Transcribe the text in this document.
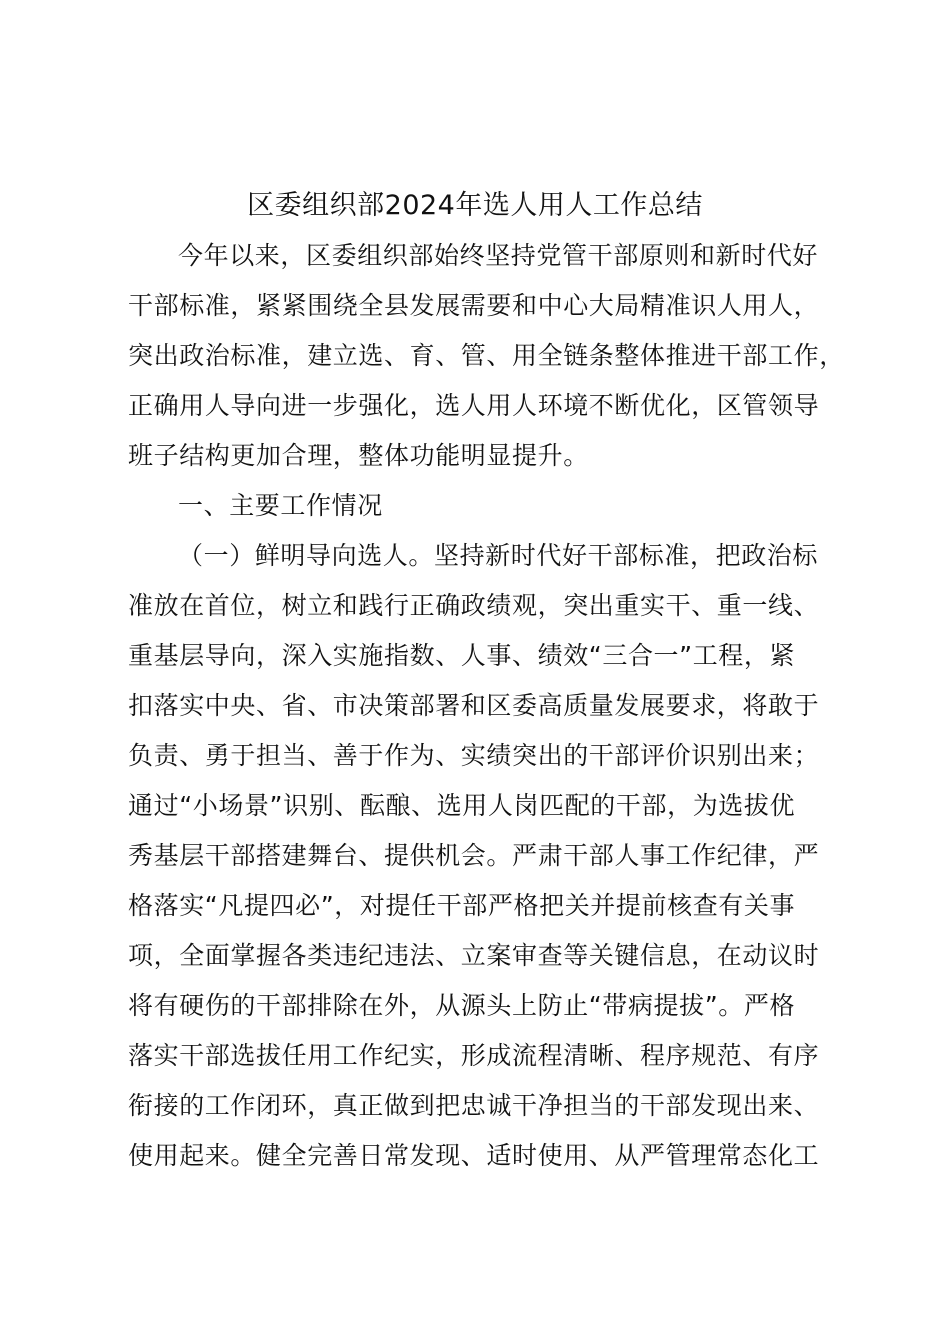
区委组织部2024年选人用人工作总结

今年以来，区委组织部始终坚持党管干部原则和新时代好

干部标准，紧紧围绕全县发展需要和中心大局精准识人用人，

突出政治标准，建立选、育、管、用全链条整体推进干部工作，

正确用人导向进一步强化，选人用人环境不断优化，区管领导

班子结构更加合理，整体功能明显提升。

一、主要工作情况

（一）鲜明导向选人。坚持新时代好干部标准，把政治标

准放在首位，树立和践行正确政绩观，突出重实干、重一线、

重基层导向，深入实施指数、人事、绩效“三合一”工程，紧

扣落实中央、省、市决策部署和区委高质量发展要求，将敢于

负责、勇于担当、善于作为、实绩突出的干部评价识别出来；

通过“小场景”识别、酝酿、选用人岗匹配的干部，为选拔优

秀基层干部搭建舞台、提供机会。严肃干部人事工作纪律，严

格落实“凡提四必”，对提任干部严格把关并提前核查有关事

项，全面掌握各类违纪违法、立案审查等关键信息，在动议时

将有硬伤的干部排除在外，从源头上防止“带病提拔”。严格

落实干部选拔任用工作纪实，形成流程清晰、程序规范、有序

衔接的工作闭环，真正做到把忠诚干净担当的干部发现出来、

使用起来。健全完善日常发现、适时使用、从严管理常态化工
